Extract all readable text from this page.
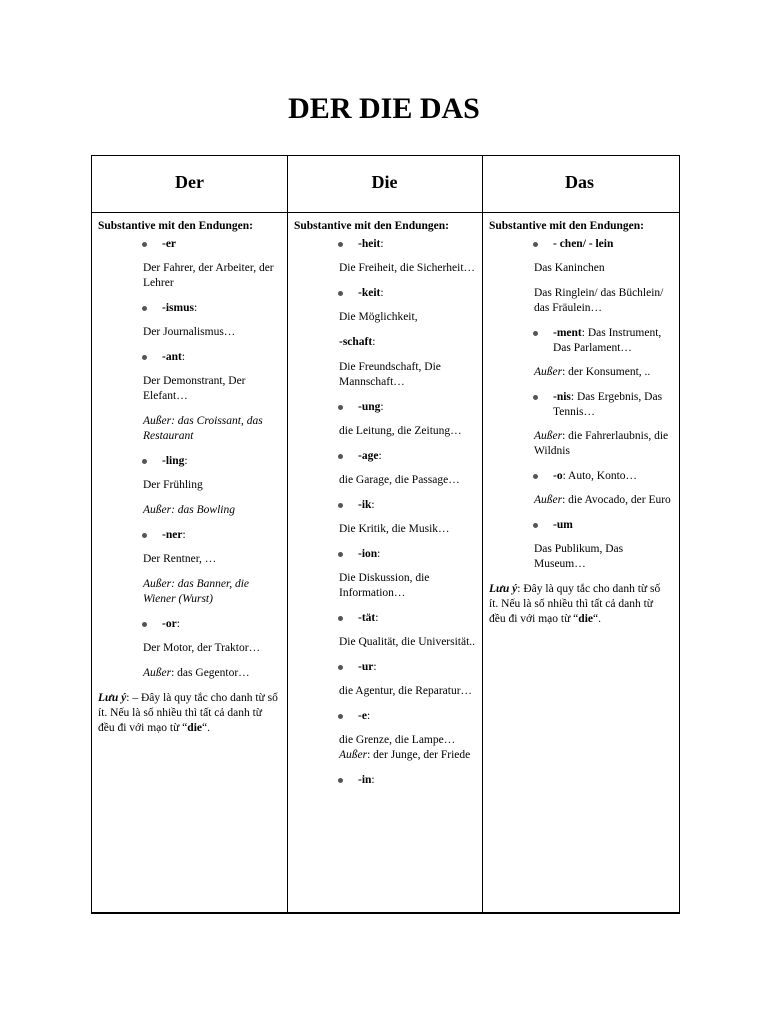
DER DIE DAS
Der	Die	Das

Substantive mit den Endungen:

-er

Der Fahrer, der Arbeiter, der Lehrer

-ismus:

Der Journalismus…

-ant:

Der Demonstrant, Der Elefant…

Außer: das Croissant, das Restaurant

-ling:

Der Frühling

Außer: das Bowling

-ner:

Der Rentner, …

Außer: das Banner, die Wiener (Wurst)

-or:

Der Motor, der Traktor…

Außer: das Gegentor…

Lưu ý: – Đây là quy tắc cho danh từ số ít. Nếu là số nhiều thì tất cả danh từ đều đi với mạo từ “die“.

Substantive mit den Endungen:

-heit:

Die Freiheit, die Sicherheit…

-keit:

Die Möglichkeit,

-schaft:

Die Freundschaft, Die Mannschaft…

-ung:

die Leitung, die Zeitung…

-age:

die Garage, die Passage…

-ik:

Die Kritik, die Musik…

-ion:

Die Diskussion, die Information…

-tät:

Die Qualität, die Universität..

-ur:

die Agentur, die Reparatur…

-e:

die Grenze, die Lampe…

Außer: der Junge, der Friede

-in:

Substantive mit den Endungen:

- chen/ - lein

Das Kaninchen

Das Ringlein/ das Büchlein/ das Fräulein…

-ment: Das Instrument, Das Parlament…

Außer: der Konsument, ..

-nis: Das Ergebnis, Das Tennis…

Außer: die Fahrerlaubnis, die Wildnis

-o: Auto, Konto…

Außer: die Avocado, der Euro

-um

Das Publikum, Das Museum…

Lưu ý: Đây là quy tắc cho danh từ số ít. Nếu là số nhiều thì tất cả danh từ đều đi với mạo từ “die“.
